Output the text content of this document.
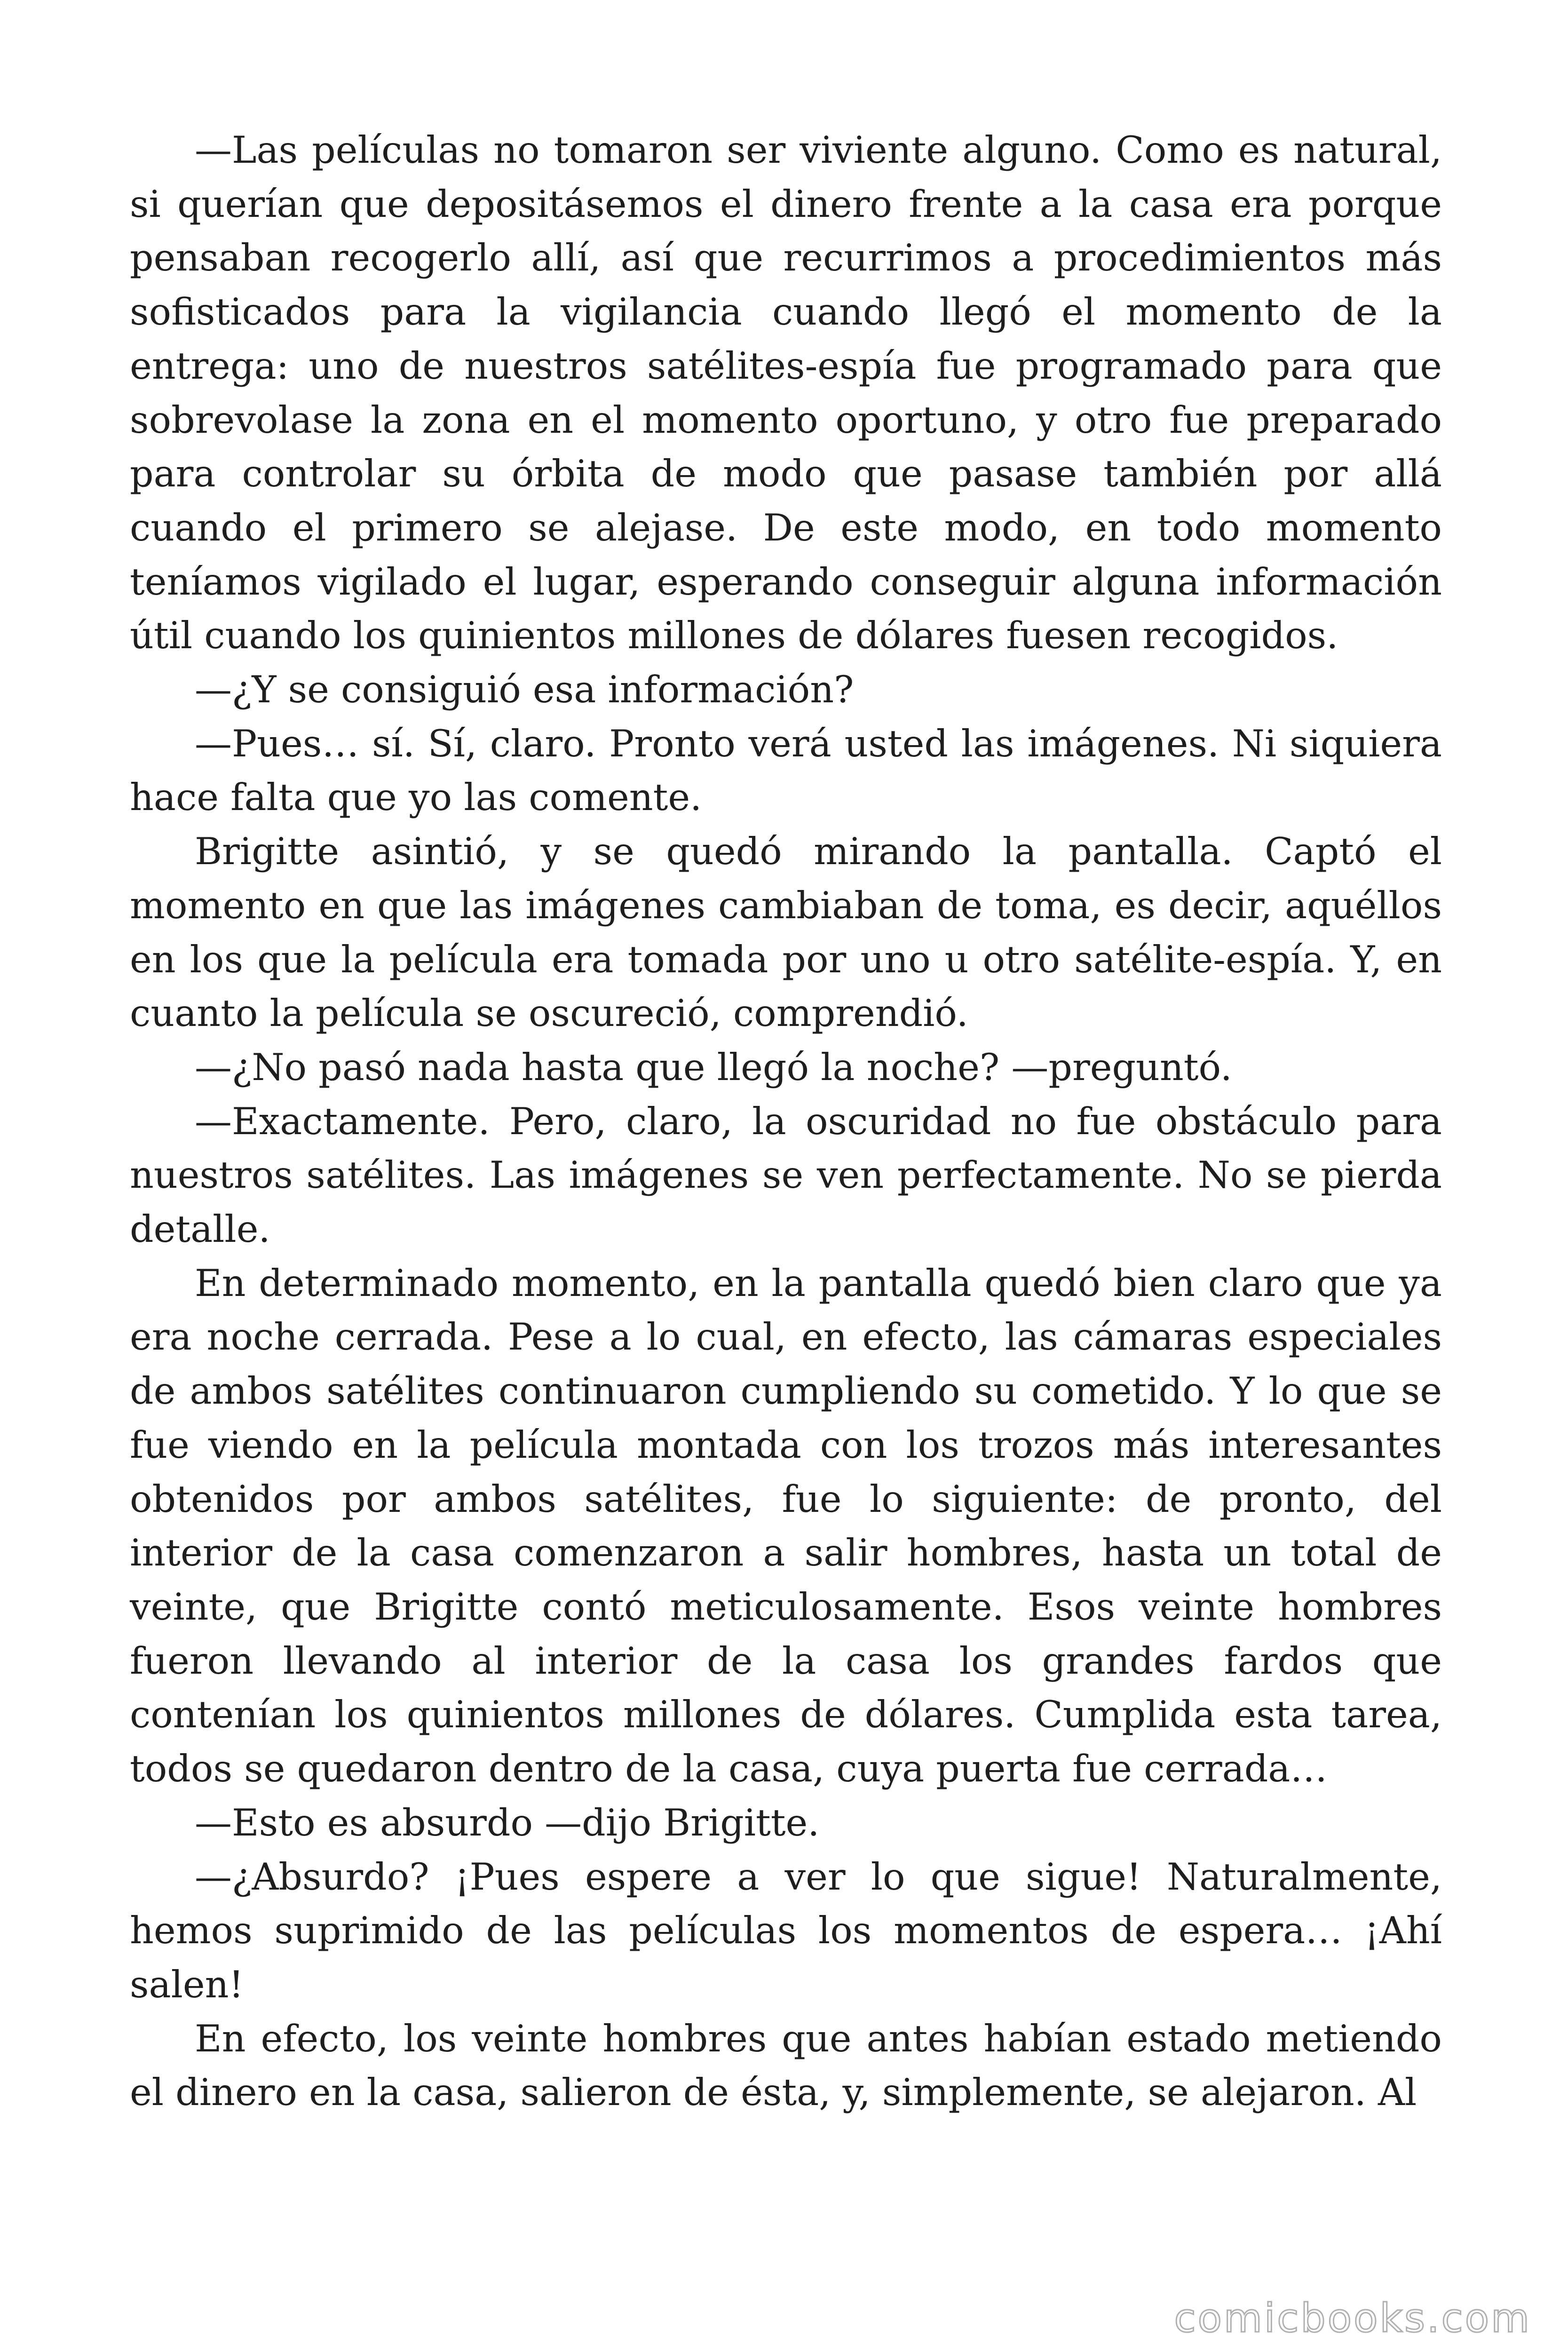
—Las películas no tomaron ser viviente alguno. Como es natural, si querían que depositásemos el dinero frente a la casa era porque pensaban recogerlo allí, así que recurrimos a procedimientos más sofisticados para la vigilancia cuando llegó el momento de la entrega: uno de nuestros satélites-espía fue programado para que sobrevolase la zona en el momento oportuno, y otro fue preparado para controlar su órbita de modo que pasase también por allá cuando el primero se alejase. De este modo, en todo momento teníamos vigilado el lugar, esperando conseguir alguna información útil cuando los quinientos millones de dólares fuesen recogidos.

—¿Y se consiguió esa información?

—Pues… sí. Sí, claro. Pronto verá usted las imágenes. Ni siquiera hace falta que yo las comente.

Brigitte asintió, y se quedó mirando la pantalla. Captó el momento en que las imágenes cambiaban de toma, es decir, aquéllos en los que la película era tomada por uno u otro satélite-espía. Y, en cuanto la película se oscureció, comprendió.

—¿No pasó nada hasta que llegó la noche? —preguntó.

—Exactamente. Pero, claro, la oscuridad no fue obstáculo para nuestros satélites. Las imágenes se ven perfectamente. No se pierda detalle.

En determinado momento, en la pantalla quedó bien claro que ya era noche cerrada. Pese a lo cual, en efecto, las cámaras especiales de ambos satélites continuaron cumpliendo su cometido. Y lo que se fue viendo en la película montada con los trozos más interesantes obtenidos por ambos satélites, fue lo siguiente: de pronto, del interior de la casa comenzaron a salir hombres, hasta un total de veinte, que Brigitte contó meticulosamente. Esos veinte hombres fueron llevando al interior de la casa los grandes fardos que contenían los quinientos millones de dólares. Cumplida esta tarea, todos se quedaron dentro de la casa, cuya puerta fue cerrada…

—Esto es absurdo —dijo Brigitte.

—¿Absurdo? ¡Pues espere a ver lo que sigue! Naturalmente, hemos suprimido de las películas los momentos de espera… ¡Ahí salen!

En efecto, los veinte hombres que antes habían estado metiendo el dinero en la casa, salieron de ésta, y, simplemente, se alejaron. Al

comicbooks.com
